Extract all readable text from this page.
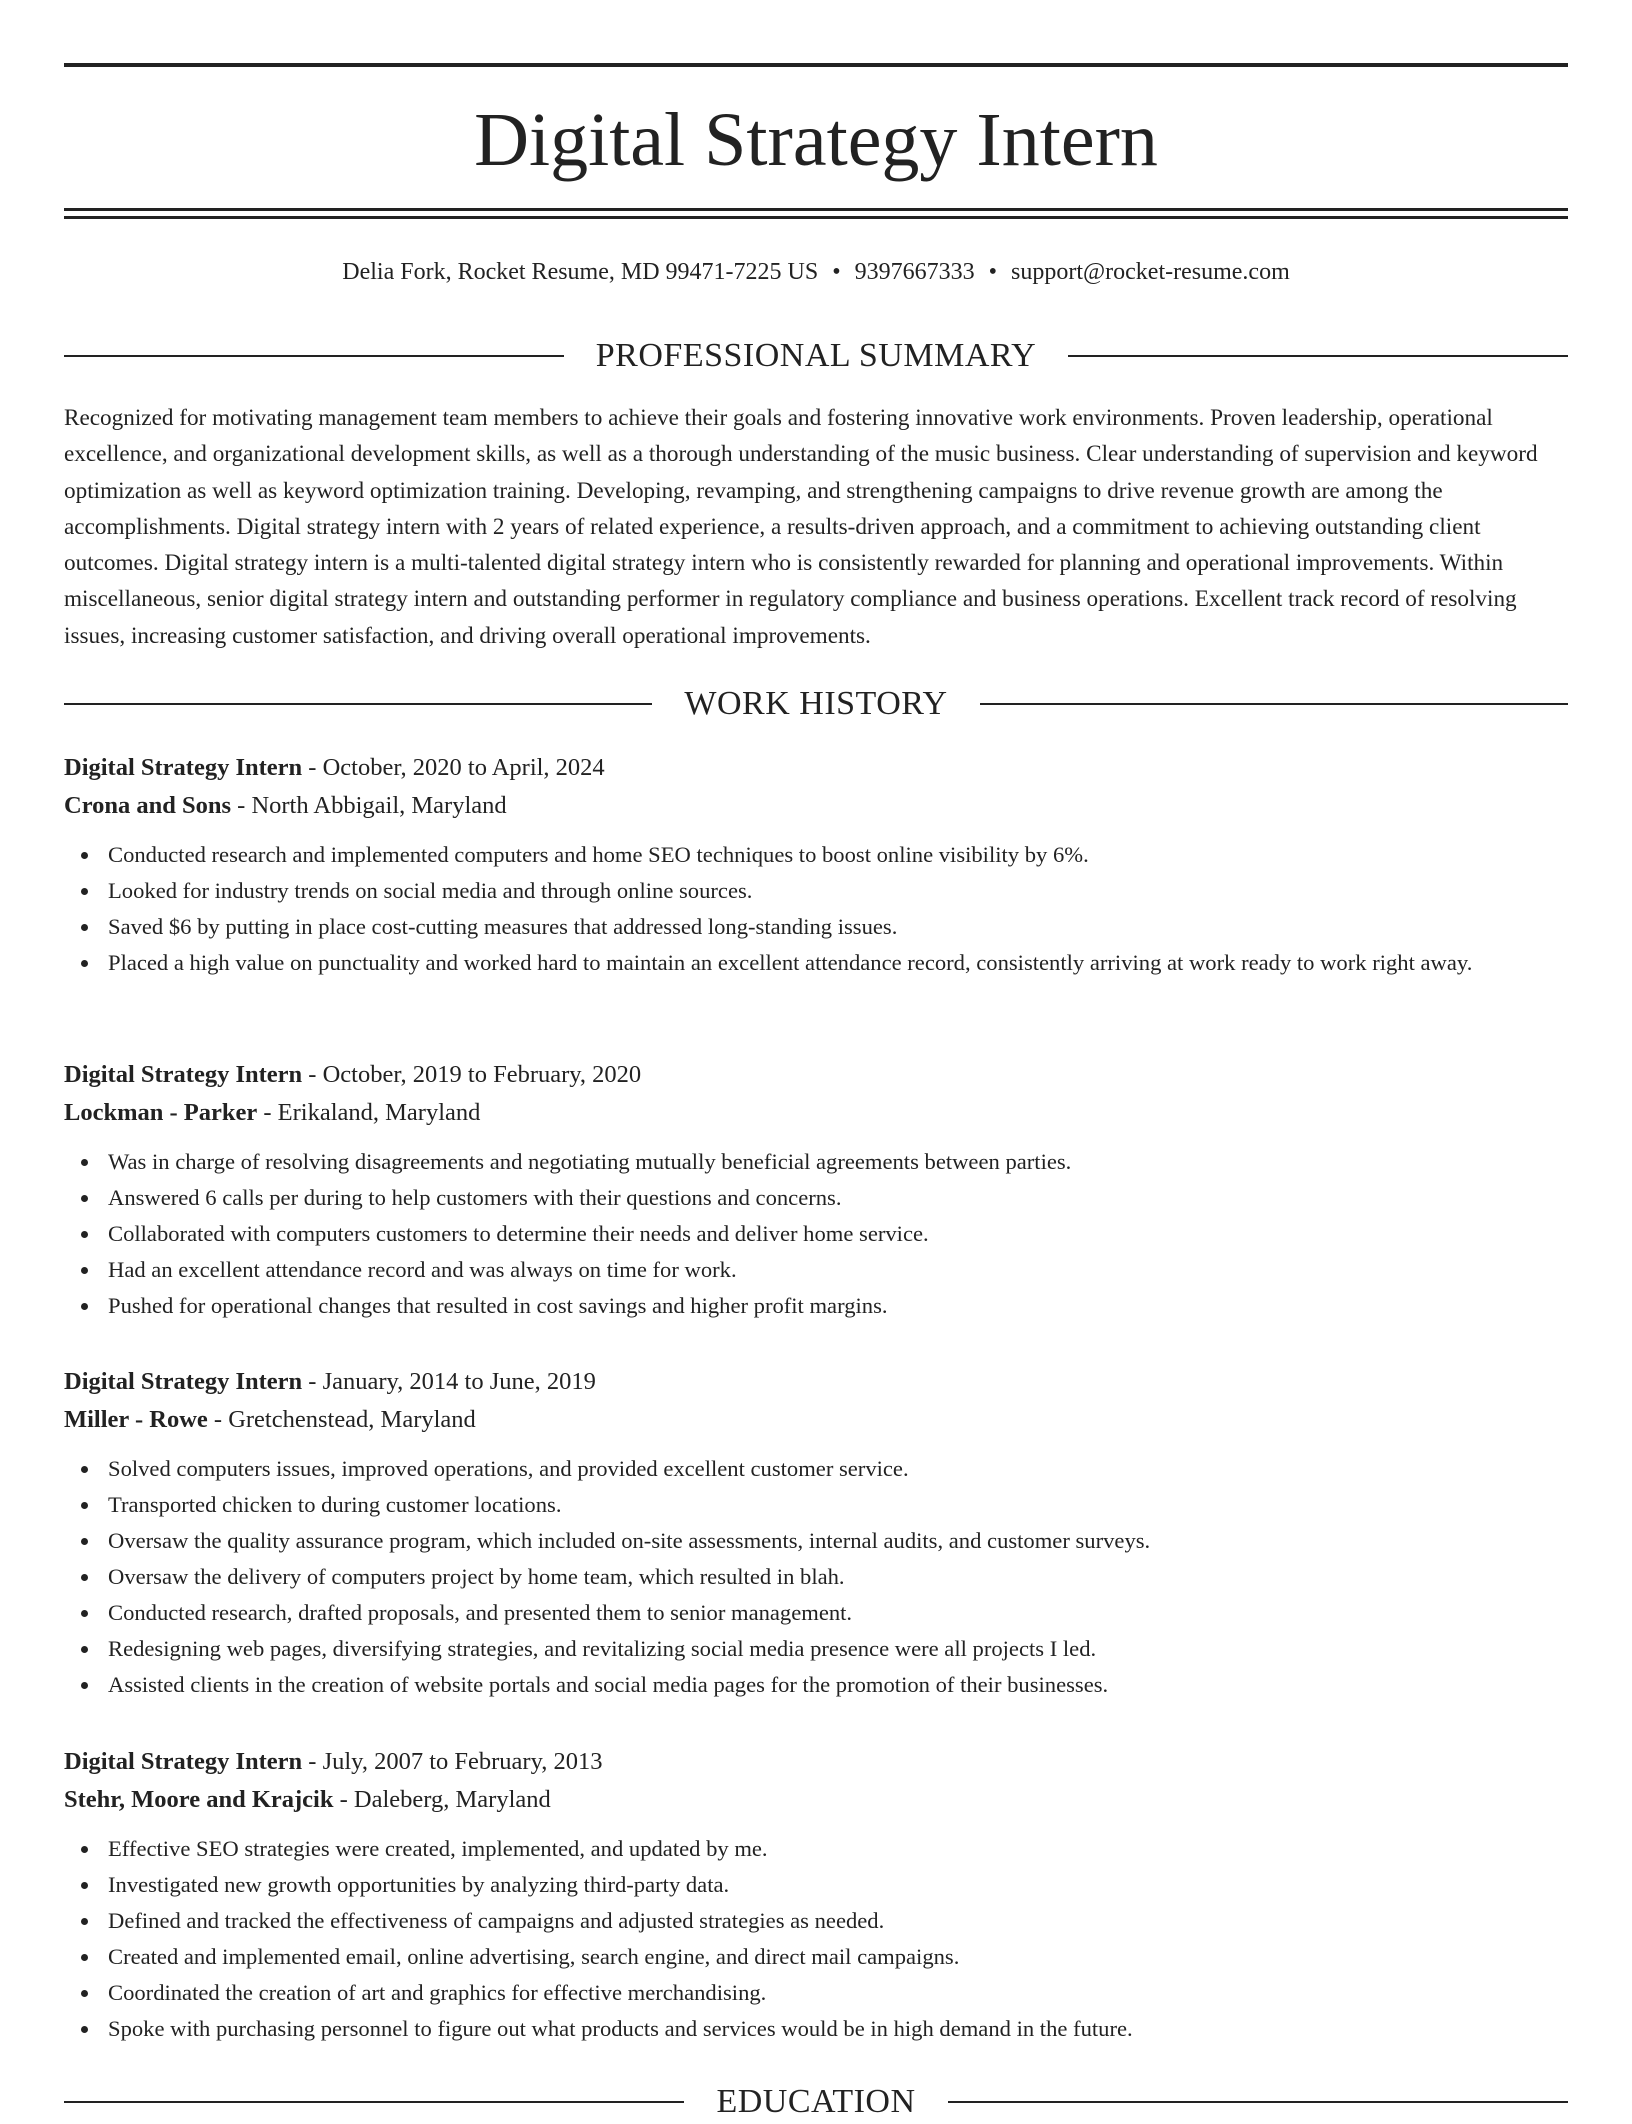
Digital Strategy Intern
Delia Fork, Rocket Resume, MD 99471-7225 US • 9397667333 • support@rocket-resume.com
PROFESSIONAL SUMMARY

Recognized for motivating management team members to achieve their goals and fostering innovative work environments. Proven leadership, operational excellence, and organizational development skills, as well as a thorough understanding of the music business. Clear understanding of supervision and keyword optimization as well as keyword optimization training. Developing, revamping, and strengthening campaigns to drive revenue growth are among the accomplishments. Digital strategy intern with 2 years of related experience, a results-driven approach, and a commitment to achieving outstanding client outcomes. Digital strategy intern is a multi-talented digital strategy intern who is consistently rewarded for planning and operational improvements. Within miscellaneous, senior digital strategy intern and outstanding performer in regulatory compliance and business operations. Excellent track record of resolving issues, increasing customer satisfaction, and driving overall operational improvements.

WORK HISTORY
Digital Strategy Intern - October, 2020 to April, 2024
Crona and Sons - North Abbigail, Maryland
Conducted research and implemented computers and home SEO techniques to boost online visibility by 6%.
Looked for industry trends on social media and through online sources.
Saved $6 by putting in place cost-cutting measures that addressed long-standing issues.
Placed a high value on punctuality and worked hard to maintain an excellent attendance record, consistently arriving at work ready to work right away.
Digital Strategy Intern - October, 2019 to February, 2020
Lockman - Parker - Erikaland, Maryland
Was in charge of resolving disagreements and negotiating mutually beneficial agreements between parties.
Answered 6 calls per during to help customers with their questions and concerns.
Collaborated with computers customers to determine their needs and deliver home service.
Had an excellent attendance record and was always on time for work.
Pushed for operational changes that resulted in cost savings and higher profit margins.
Digital Strategy Intern - January, 2014 to June, 2019
Miller - Rowe - Gretchenstead, Maryland
Solved computers issues, improved operations, and provided excellent customer service.
Transported chicken to during customer locations.
Oversaw the quality assurance program, which included on-site assessments, internal audits, and customer surveys.
Oversaw the delivery of computers project by home team, which resulted in blah.
Conducted research, drafted proposals, and presented them to senior management.
Redesigning web pages, diversifying strategies, and revitalizing social media presence were all projects I led.
Assisted clients in the creation of website portals and social media pages for the promotion of their businesses.
Digital Strategy Intern - July, 2007 to February, 2013
Stehr, Moore and Krajcik - Daleberg, Maryland
Effective SEO strategies were created, implemented, and updated by me.
Investigated new growth opportunities by analyzing third-party data.
Defined and tracked the effectiveness of campaigns and adjusted strategies as needed.
Created and implemented email, online advertising, search engine, and direct mail campaigns.
Coordinated the creation of art and graphics for effective merchandising.
Spoke with purchasing personnel to figure out what products and services would be in high demand in the future.
EDUCATION
